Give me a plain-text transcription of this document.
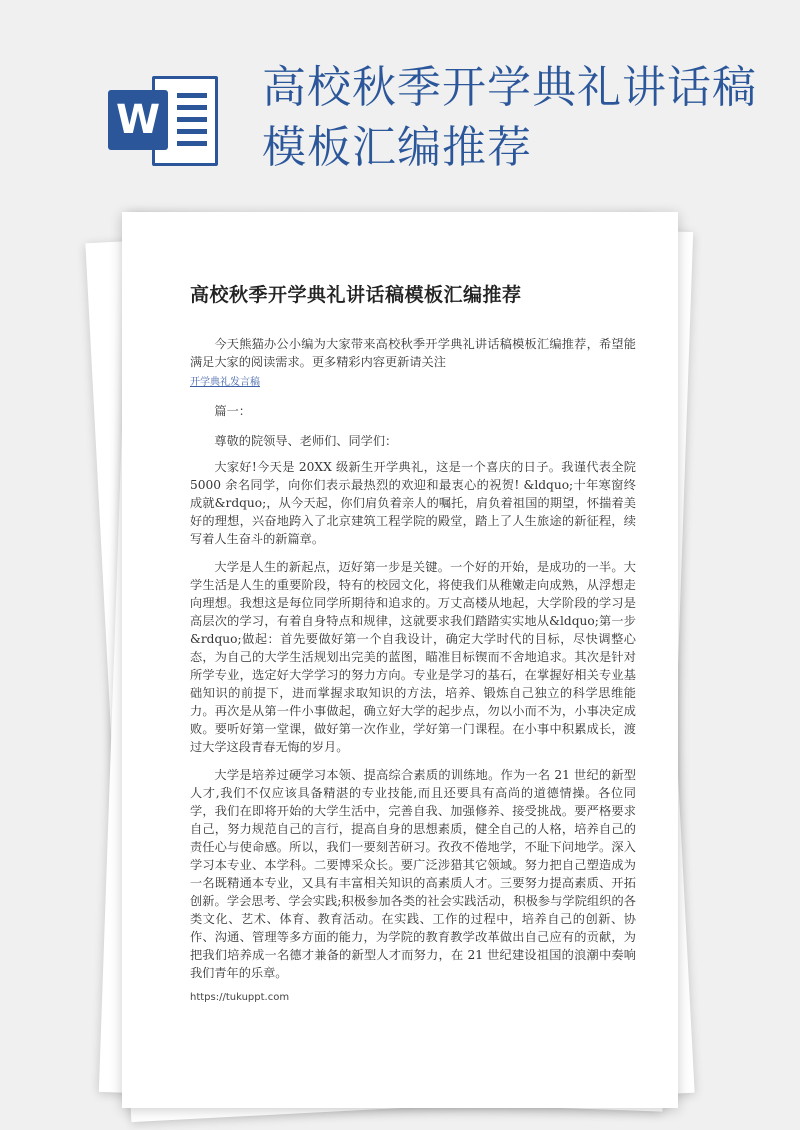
W
高校秋季开学典礼讲话稿模板汇编推荐
高校秋季开学典礼讲话稿模板汇编推荐

今天熊猫办公小编为大家带来高校秋季开学典礼讲话稿模板汇编推荐，希望能满足大家的阅读需求。更多精彩内容更新请关注

开学典礼发言稿

篇一：

尊敬的院领导、老师们、同学们：

大家好!今天是 20XX 级新生开学典礼，这是一个喜庆的日子。我谨代表全院 5000 余名同学，向你们表示最热烈的欢迎和最衷心的祝贺! &ldquo;十年寒窗终成就&rdquo;，从今天起，你们肩负着亲人的嘱托，肩负着祖国的期望，怀揣着美好的理想，兴奋地跨入了北京建筑工程学院的殿堂，踏上了人生旅途的新征程，续写着人生奋斗的新篇章。

大学是人生的新起点，迈好第一步是关键。一个好的开始，是成功的一半。大学生活是人生的重要阶段，特有的校园文化，将使我们从稚嫩走向成熟，从浮想走向理想。我想这是每位同学所期待和追求的。万丈高楼从地起，大学阶段的学习是高层次的学习，有着自身特点和规律，这就要求我们踏踏实实地从&ldquo;第一步&rdquo;做起：首先要做好第一个自我设计，确定大学时代的目标，尽快调整心态，为自己的大学生活规划出完美的蓝图，瞄准目标锲而不舍地追求。其次是针对所学专业，选定好大学学习的努力方向。专业是学习的基石，在掌握好相关专业基础知识的前提下，进而掌握求取知识的方法，培养、锻炼自己独立的科学思维能力。再次是从第一件小事做起，确立好大学的起步点，勿以小而不为，小事决定成败。要听好第一堂课，做好第一次作业，学好第一门课程。在小事中积累成长，渡过大学这段青春无悔的岁月。

大学是培养过硬学习本领、提高综合素质的训练地。作为一名 21 世纪的新型人才,我们不仅应该具备精湛的专业技能,而且还要具有高尚的道德情操。各位同学，我们在即将开始的大学生活中，完善自我、加强修养、接受挑战。要严格要求自己，努力规范自己的言行，提高自身的思想素质，健全自己的人格，培养自己的责任心与使命感。所以，我们一要刻苦研习。孜孜不倦地学，不耻下问地学。深入学习本专业、本学科。二要博采众长。要广泛涉猎其它领域。努力把自己塑造成为一名既精通本专业，又具有丰富相关知识的高素质人才。三要努力提高素质、开拓创新。学会思考、学会实践;积极参加各类的社会实践活动，积极参与学院组织的各类文化、艺术、体育、教育活动。在实践、工作的过程中，培养自己的创新、协作、沟通、管理等多方面的能力，为学院的教育教学改革做出自己应有的贡献，为把我们培养成一名德才兼备的新型人才而努力，在 21 世纪建设祖国的浪潮中奏响我们青年的乐章。

https://tukuppt.com
